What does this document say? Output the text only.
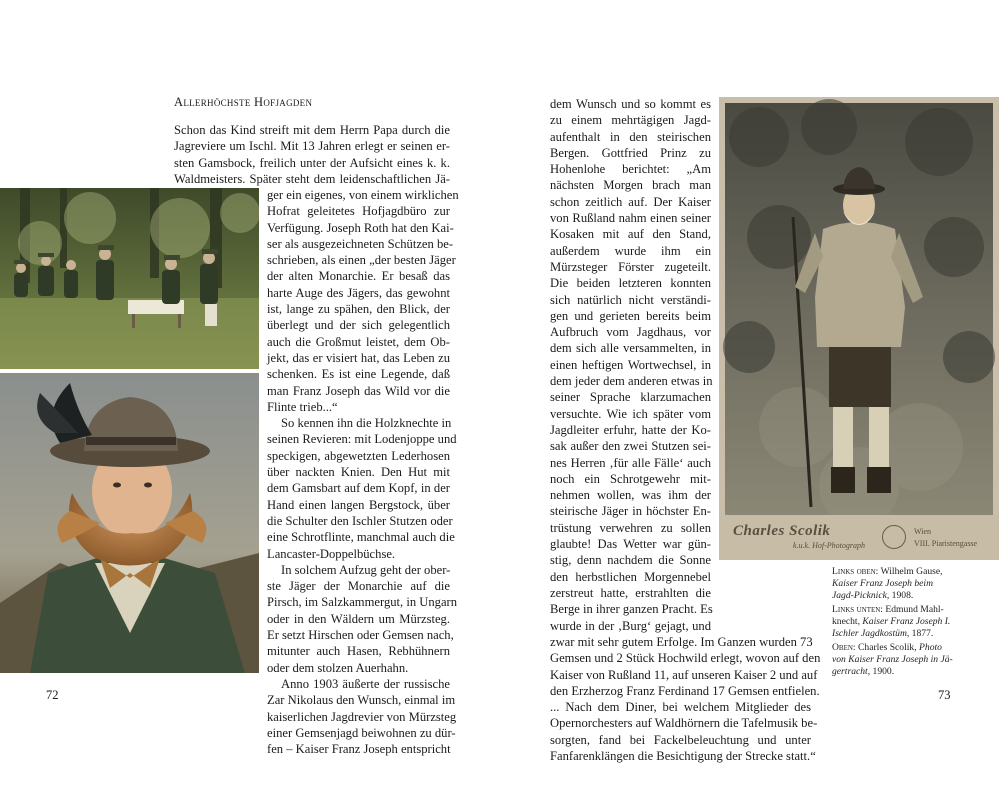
Allerhöchste Hofjagden
Schon das Kind streift mit dem Herrn Papa durch die
Jagreviere um Ischl. Mit 13 Jahren erlegt er seinen er-
sten Gamsbock, freilich unter der Aufsicht eines k. k.
Waldmeisters. Später steht dem leidenschaftlichen Jä-
ger ein eigenes, von einem wirklichen
Hofrat geleitetes Hofjagdbüro zur
Verfügung. Joseph Roth hat den Kai-
ser als ausgezeichneten Schützen be-
schrieben, als einen „der besten Jäger
der alten Monarchie. Er besaß das
harte Auge des Jägers, das gewohnt
ist, lange zu spähen, den Blick, der
überlegt und der sich gelegentlich
auch die Großmut leistet, dem Ob-
jekt, das er visiert hat, das Leben zu
schenken. Es ist eine Legende, daß
man Franz Joseph das Wild vor die
Flinte trieb...“
So kennen ihn die Holzknechte in
seinen Revieren: mit Lodenjoppe und
speckigen, abgewetzten Lederhosen
über nackten Knien. Den Hut mit
dem Gamsbart auf dem Kopf, in der
Hand einen langen Bergstock, über
die Schulter den Ischler Stutzen oder
eine Schrotflinte, manchmal auch die
Lancaster-Doppelbüchse.
In solchem Aufzug geht der ober-
ste Jäger der Monarchie auf die
Pirsch, im Salzkammergut, in Ungarn
oder in den Wäldern um Mürzsteg.
Er setzt Hirschen oder Gemsen nach,
mitunter auch Hasen, Rebhühnern
oder dem stolzen Auerhahn.
Anno 1903 äußerte der russische
Zar Nikolaus den Wunsch, einmal im
kaiserlichen Jagdrevier von Mürzsteg
einer Gemsenjagd beiwohnen zu dür-
fen – Kaiser Franz Joseph entspricht
72
dem Wunsch und so kommt es
zu einem mehrtägigen Jagd-
aufenthalt in den steirischen
Bergen. Gottfried Prinz zu
Hohenlohe berichtet: „Am
nächsten Morgen brach man
schon zeitlich auf. Der Kaiser
von Rußland nahm einen seiner
Kosaken mit auf den Stand,
außerdem wurde ihm ein
Mürzsteger Förster zugeteilt.
Die beiden letzteren konnten
sich natürlich nicht verständi-
gen und gerieten bereits beim
Aufbruch vom Jagdhaus, vor
dem sich alle versammelten, in
einen heftigen Wortwechsel, in
dem jeder dem anderen etwas in
seiner Sprache klarzumachen
versuchte. Wie ich später vom
Jagdleiter erfuhr, hatte der Ko-
sak außer den zwei Stutzen sei-
nes Herren ‚für alle Fälle‘ auch
noch ein Schrotgewehr mit-
nehmen wollen, was ihm der
steirische Jäger in höchster En-
trüstung verwehren zu sollen
glaubte! Das Wetter war gün-
stig, denn nachdem die Sonne
den herbstlichen Morgennebel
zerstreut hatte, erstrahlten die
Berge in ihrer ganzen Pracht. Es
wurde in der ‚Burg‘ gejagt, und
zwar mit sehr gutem Erfolge. Im Ganzen wurden 73
Gemsen und 2 Stück Hochwild erlegt, wovon auf den
Kaiser von Rußland 11, auf unseren Kaiser 2 und auf
den Erzherzog Franz Ferdinand 17 Gemsen entfielen.
... Nach dem Diner, bei welchem Mitglieder des
Opernorchesters auf Waldhörnern die Tafelmusik be-
sorgten, fand bei Fackelbeleuchtung und unter
Fanfarenklängen die Besichtigung der Strecke statt.“
Charles Scolik
k.u.k. Hof-Photograph
Wien
VIII. Piaristengasse
Links oben: Wilhelm Gause, Kaiser Franz Joseph beim Jagd-Picknick, 1908.
Links unten: Edmund Mahl-knecht, Kaiser Franz Joseph I. Ischler Jagdkostüm, 1877.
Oben: Charles Scolik, Photo von Kaiser Franz Joseph in Jä-gertracht, 1900.
73
